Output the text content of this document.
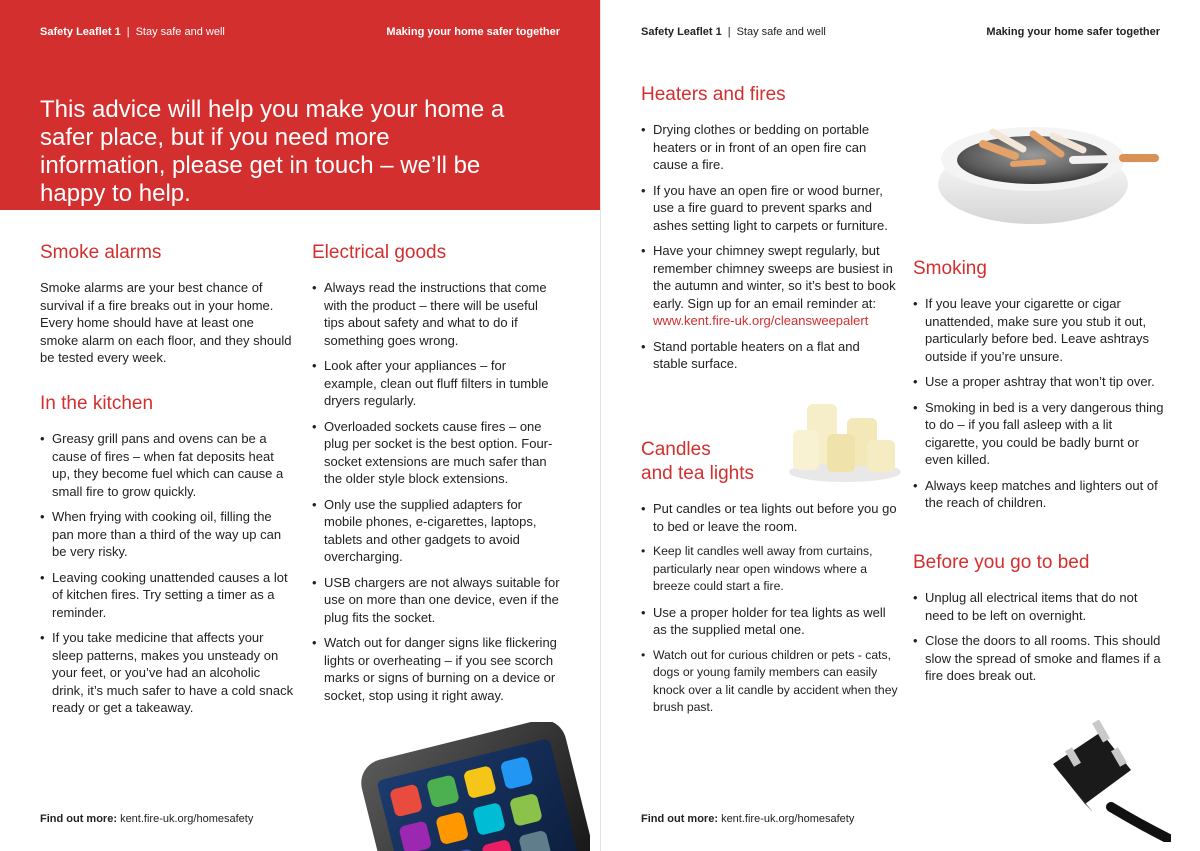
Safety Leaflet 1 | Stay safe and well	Making your home safer together
This advice will help you make your home a safer place, but if you need more information, please get in touch – we’ll be happy to help.
Smoke alarms

Smoke alarms are your best chance of survival if a fire breaks out in your home. Every home should have at least one smoke alarm on each floor, and they should be tested every week.

In the kitchen
• Greasy grill pans and ovens can be a cause of fires – when fat deposits heat up, they become fuel which can cause a small fire to grow quickly.
• When frying with cooking oil, filling the pan more than a third of the way up can be very risky.
• Leaving cooking unattended causes a lot of kitchen fires. Try setting a timer as a reminder.
• If you take medicine that affects your sleep patterns, makes you unsteady on your feet, or you’ve had an alcoholic drink, it’s much safer to have a cold snack ready or get a takeaway.
Electrical goods
• Always read the instructions that come with the product – there will be useful tips about safety and what to do if something goes wrong.
• Look after your appliances – for example, clean out fluff filters in tumble dryers regularly.
• Overloaded sockets cause fires – one plug per socket is the best option. Four-socket extensions are much safer than the older style block extensions.
• Only use the supplied adapters for mobile phones, e-cigarettes, laptops, tablets and other gadgets to avoid overcharging.
• USB chargers are not always suitable for use on more than one device, even if the plug fits the socket.
• Watch out for danger signs like flickering lights or overheating – if you see scorch marks or signs of burning on a device or socket, stop using it right away.
Find out more: kent.fire-uk.org/homesafety
Safety Leaflet 1 | Stay safe and well	Making your home safer together
Heaters and fires
• Drying clothes or bedding on portable heaters or in front of an open fire can cause a fire.
• If you have an open fire or wood burner, use a fire guard to prevent sparks and ashes setting light to carpets or furniture.
• Have your chimney swept regularly, but remember chimney sweeps are busiest in the autumn and winter, so it’s best to book early. Sign up for an email reminder at:
www.kent.fire-uk.org/cleansweepalert
• Stand portable heaters on a flat and stable surface.
Candles
and tea lights
• Put candles or tea lights out before you go to bed or leave the room.
• Keep lit candles well away from curtains, particularly near open windows where a breeze could start a fire.
• Use a proper holder for tea lights as well as the supplied metal one.
• Watch out for curious children or pets - cats, dogs or young family members can easily knock over a lit candle by accident when they brush past.
Smoking
• If you leave your cigarette or cigar unattended, make sure you stub it out, particularly before bed. Leave ashtrays outside if you’re unsure.
• Use a proper ashtray that won’t tip over.
• Smoking in bed is a very dangerous thing to do – if you fall asleep with a lit cigarette, you could be badly burnt or even killed.
• Always keep matches and lighters out of the reach of children.
Before you go to bed
• Unplug all electrical items that do not need to be left on overnight.
• Close the doors to all rooms. This should slow the spread of smoke and flames if a fire does break out.
Find out more: kent.fire-uk.org/homesafety
